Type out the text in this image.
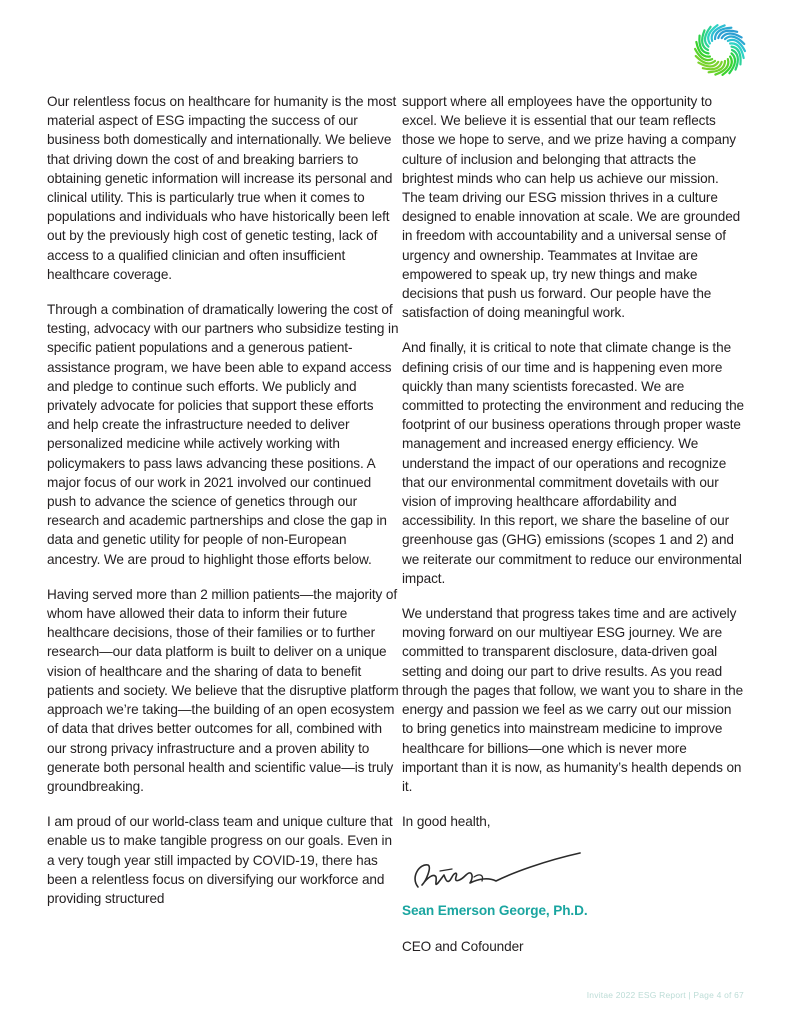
Our relentless focus on healthcare for humanity is the most material aspect of ESG impacting the success of our business both domestically and internationally. We believe that driving down the cost of and breaking barriers to obtaining genetic information will increase its personal and clinical utility. This is particularly true when it comes to populations and individuals who have historically been left out by the previously high cost of genetic testing, lack of access to a qualified clinician and often insufficient healthcare coverage.

Through a combination of dramatically lowering the cost of testing, advocacy with our partners who subsidize testing in specific patient populations and a generous patient-assistance program, we have been able to expand access and pledge to continue such efforts. We publicly and privately advocate for policies that support these efforts and help create the infrastructure needed to deliver personalized medicine while actively working with policymakers to pass laws advancing these positions. A major focus of our work in 2021 involved our continued push to advance the science of genetics through our research and academic partnerships and close the gap in data and genetic utility for people of non-European ancestry. We are proud to highlight those efforts below.

Having served more than 2 million patients—the majority of whom have allowed their data to inform their future healthcare decisions, those of their families or to further research—our data platform is built to deliver on a unique vision of healthcare and the sharing of data to benefit patients and society. We believe that the disruptive platform approach we’re taking—the building of an open ecosystem of data that drives better outcomes for all, combined with our strong privacy infrastructure and a proven ability to generate both personal health and scientific value—is truly groundbreaking.

I am proud of our world-class team and unique culture that enable us to make tangible progress on our goals. Even in a very tough year still impacted by COVID-19, there has been a relentless focus on diversifying our workforce and providing structured

support where all employees have the opportunity to excel. We believe it is essential that our team reflects those we hope to serve, and we prize having a company culture of inclusion and belonging that attracts the brightest minds who can help us achieve our mission. The team driving our ESG mission thrives in a culture designed to enable innovation at scale. We are grounded in freedom with accountability and a universal sense of urgency and ownership. Teammates at Invitae are empowered to speak up, try new things and make decisions that push us forward. Our people have the satisfaction of doing meaningful work.

And finally, it is critical to note that climate change is the defining crisis of our time and is happening even more quickly than many scientists forecasted. We are committed to protecting the environment and reducing the footprint of our business operations through proper waste management and increased energy efficiency. We understand the impact of our operations and recognize that our environmental commitment dovetails with our vision of improving healthcare affordability and accessibility. In this report, we share the baseline of our greenhouse gas (GHG) emissions (scopes 1 and 2) and we reiterate our commitment to reduce our environmental impact.

We understand that progress takes time and are actively moving forward on our multiyear ESG journey. We are committed to transparent disclosure, data-driven goal setting and doing our part to drive results. As you read through the pages that follow, we want you to share in the energy and passion we feel as we carry out our mission to bring genetics into mainstream medicine to improve healthcare for billions—one which is never more important than it is now, as humanity’s health depends on it.

In good health,

Sean Emerson George, Ph.D.

CEO and Cofounder

Invitae 2022 ESG Report | Page 4 of 67
